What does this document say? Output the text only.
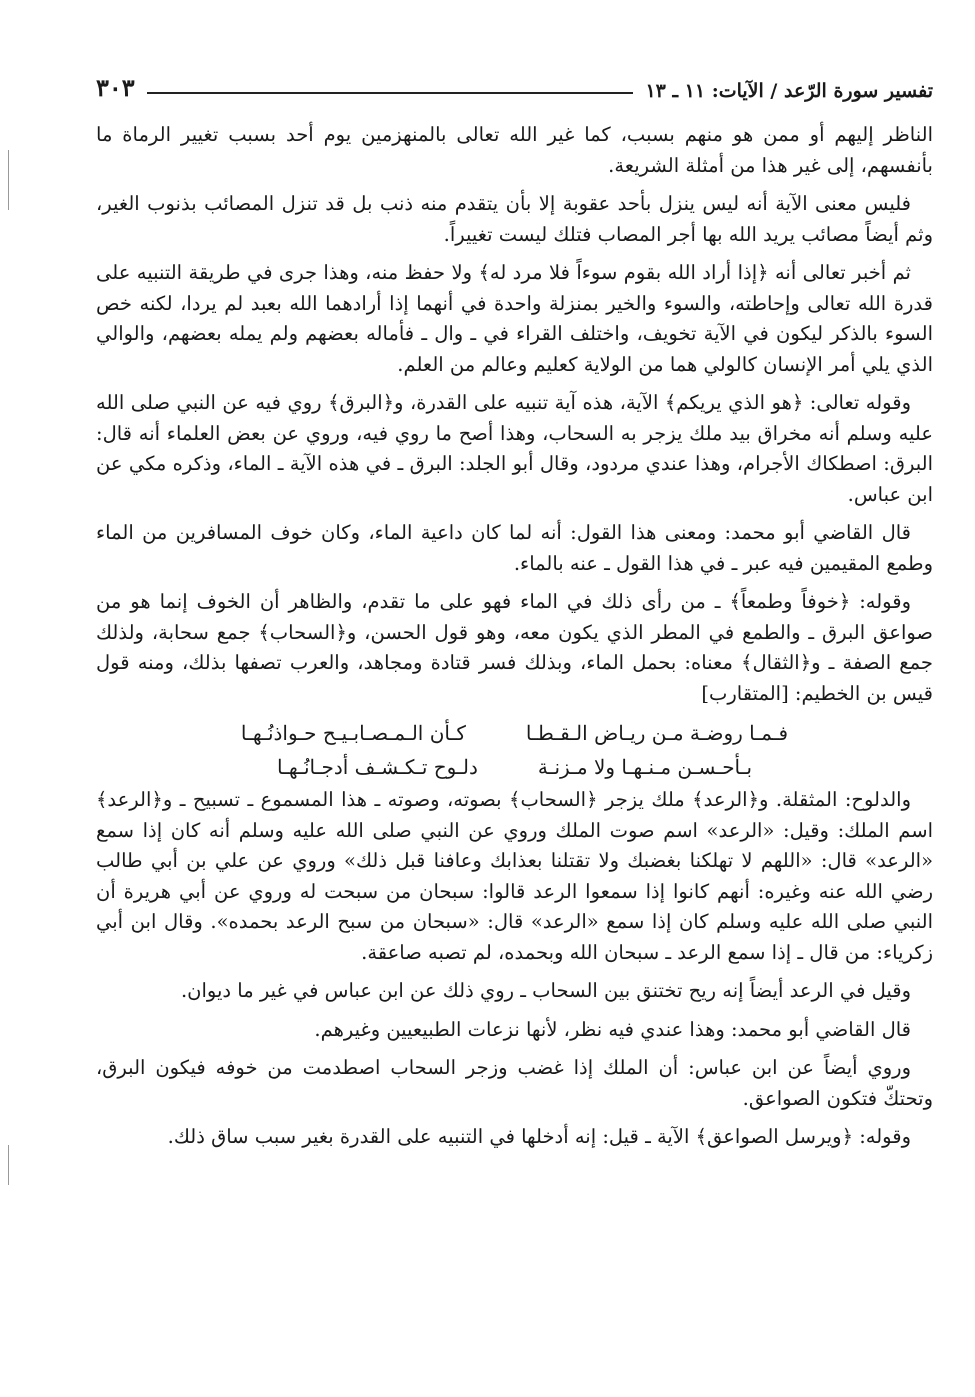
تفسير سورة الرّعد / الآيات: ١١ ـ ١٣
٣٠٣

الناظر إليهم أو ممن هو منهم بسبب، كما غير الله تعالى بالمنهزمين يوم أحد بسبب تغيير الرماة ما بأنفسهم، إلى غير هذا من أمثلة الشريعة.

فليس معنى الآية أنه ليس ينزل بأحد عقوبة إلا بأن يتقدم منه ذنب بل قد تنزل المصائب بذنوب الغير، وثم أيضاً مصائب يريد الله بها أجر المصاب فتلك ليست تغييراً.

ثم أخبر تعالى أنه ﴿إذا أراد الله بقوم سوءاً فلا مرد له﴾ ولا حفظ منه، وهذا جرى في طريقة التنبيه على قدرة الله تعالى وإحاطته، والسوء والخير بمنزلة واحدة في أنهما إذا أرادهما الله بعبد لم يردا، لكنه خص السوء بالذكر ليكون في الآية تخويف، واختلف القراء في ـ وال ـ فأماله بعضهم ولم يمله بعضهم، والوالي الذي يلي أمر الإنسان كالولي هما من الولاية كعليم وعالم من العلم.

وقوله تعالى: ﴿هو الذي يريكم﴾ الآية، هذه آية تنبيه على القدرة، و﴿البرق﴾ روي فيه عن النبي صلى الله عليه وسلم أنه مخراق بيد ملك يزجر به السحاب، وهذا أصح ما روي فيه، وروي عن بعض العلماء أنه قال: البرق: اصطكاك الأجرام، وهذا عندي مردود، وقال أبو الجلد: البرق ـ في هذه الآية ـ الماء، وذكره مكي عن ابن عباس.

قال القاضي أبو محمد: ومعنى هذا القول: أنه لما كان داعية الماء، وكان خوف المسافرين من الماء وطمع المقيمين فيه عبر ـ في هذا القول ـ عنه بالماء.

وقوله: ﴿خوفاً وطمعاً﴾ ـ من رأى ذلك في الماء فهو على ما تقدم، والظاهر أن الخوف إنما هو من صواعق البرق ـ والطمع في المطر الذي يكون معه، وهو قول الحسن، و﴿السحاب﴾ جمع سحابة، ولذلك جمع الصفة ـ و﴿الثقال﴾ معناه: بحمل الماء، وبذلك فسر قتادة ومجاهد، والعرب تصفها بذلك، ومنه قول قيس بن الخطيم: [المتقارب]

فـمـا روضـة مـن ريـاض الـقـطـا
كـأن الـمـصـابـيـح حـواذنُـهـا
بـأحـسـن مـنـهـا ولا مـزنـة
دلـوح تـكـشـف أدجـانُـهـا

والدلوح: المثقلة. و﴿الرعد﴾ ملك يزجر ﴿السحاب﴾ بصوته، وصوته ـ هذا المسموع ـ تسبيح ـ و﴿الرعد﴾ اسم الملك: وقيل: «الرعد» اسم صوت الملك وروي عن النبي صلى الله عليه وسلم أنه كان إذا سمع «الرعد» قال: «اللهم لا تهلكنا بغضبك ولا تقتلنا بعذابك وعافنا قبل ذلك» وروي عن علي بن أبي طالب رضي الله عنه وغيره: أنهم كانوا إذا سمعوا الرعد قالوا: سبحان من سبحت له وروي عن أبي هريرة أن النبي صلى الله عليه وسلم كان إذا سمع «الرعد» قال: «سبحان من سبح الرعد بحمده». وقال ابن أبي زكرياء: من قال ـ إذا سمع الرعد ـ سبحان الله وبحمده، لم تصبه صاعقة.

وقيل في الرعد أيضاً إنه ريح تختنق بين السحاب ـ روي ذلك عن ابن عباس في غير ما ديوان.

قال القاضي أبو محمد: وهذا عندي فيه نظر، لأنها نزعات الطبيعيين وغيرهم.

وروي أيضاً عن ابن عباس: أن الملك إذا غضب وزجر السحاب اصطدمت من خوفه فيكون البرق، وتحتكّ فتكون الصواعق.

وقوله: ﴿ويرسل الصواعق﴾ الآية ـ قيل: إنه أدخلها في التنبيه على القدرة بغير سبب ساق ذلك.
